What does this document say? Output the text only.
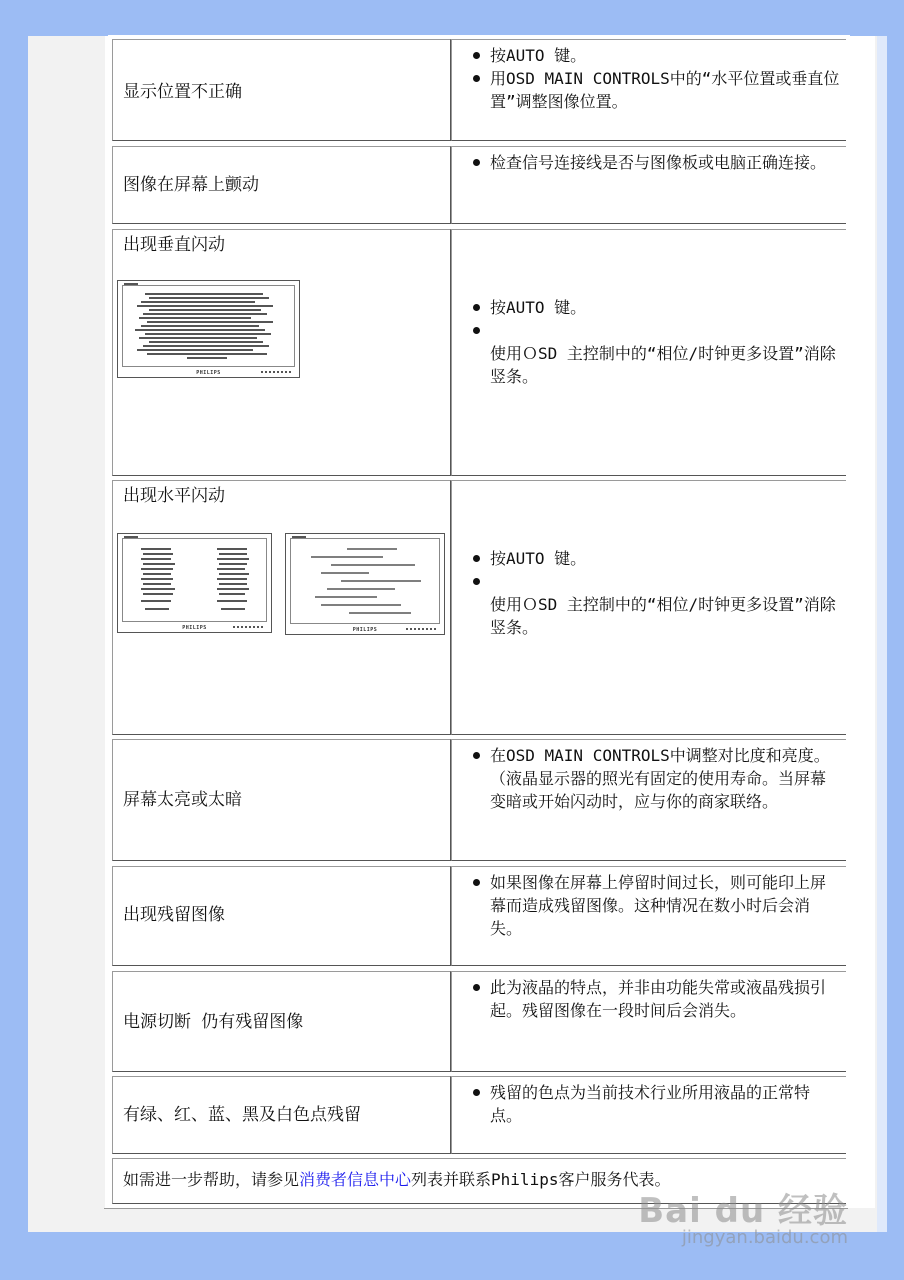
显示位置不正确
按AUTO 键。
用OSD MAIN CONTROLS中的“水平位置或垂直位置”调整图像位置。
图像在屏幕上颤动
检查信号连接线是否与图像板或电脑正确连接。
出现垂直闪动
PHILIPS
按AUTO 键。
使用ＯSD 主控制中的“相位/时钟更多设置”消除竖条。
出现水平闪动
PHILIPS	PHILIPS
按AUTO 键。
使用ＯSD 主控制中的“相位/时钟更多设置”消除竖条。
屏幕太亮或太暗
在OSD MAIN CONTROLS中调整对比度和亮度。（液晶显示器的照光有固定的使用寿命。当屏幕变暗或开始闪动时，应与你的商家联络。
出现残留图像
如果图像在屏幕上停留时间过长，则可能印上屏幕而造成残留图像。这种情况在数小时后会消失。
电源切断 仍有残留图像
此为液晶的特点，并非由功能失常或液晶残损引起。残留图像在一段时间后会消失。
有绿、红、蓝、黑及白色点残留
残留的色点为当前技术行业所用液晶的正常特点。
如需进一步帮助，请参见消费者信息中心列表并联系Philips客户服务代表。
Bai du 经验
jingyan.baidu.com
